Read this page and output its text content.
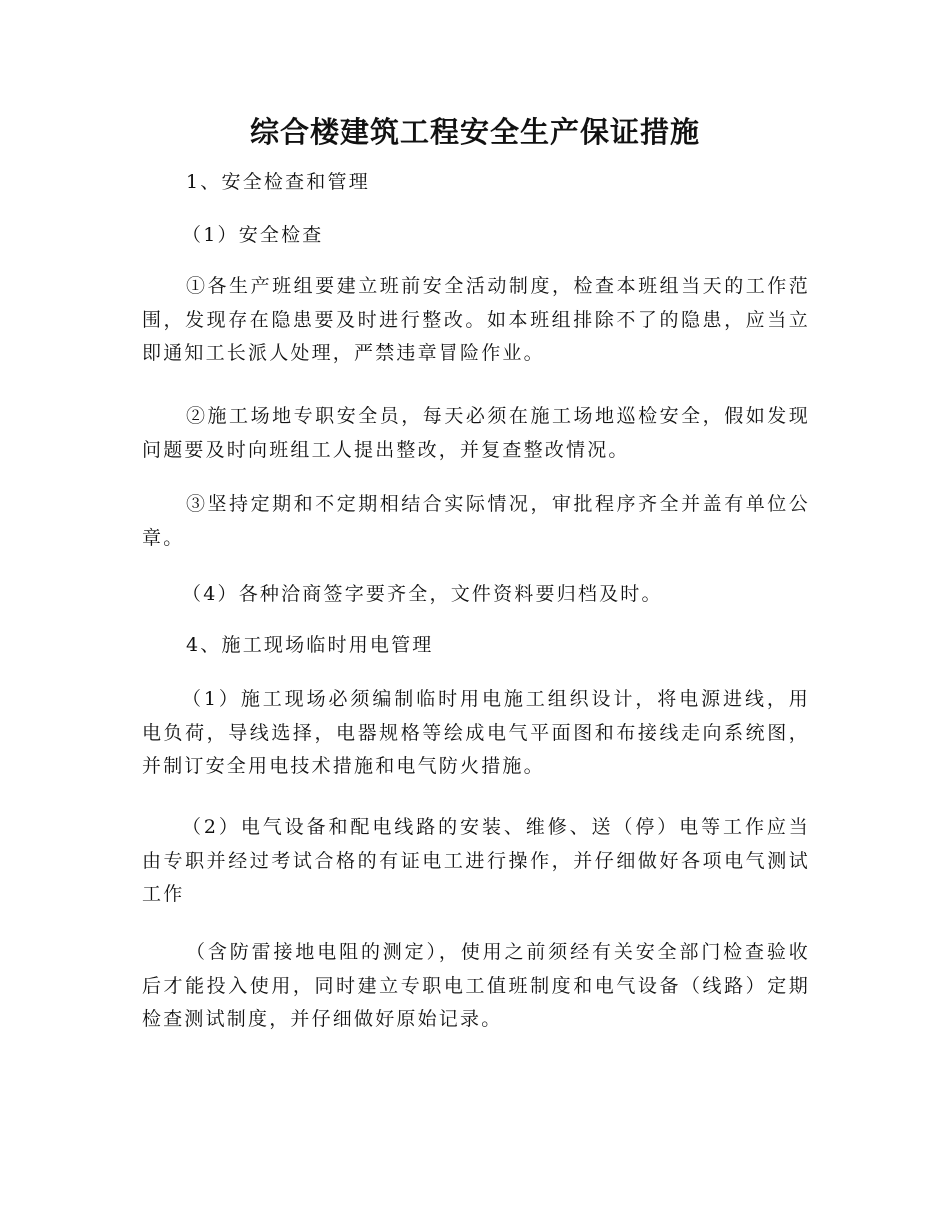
综合楼建筑工程安全生产保证措施

1、安全检查和管理

（1）安全检查

①各生产班组要建立班前安全活动制度，检查本班组当天的工作范围，发现存在隐患要及时进行整改。如本班组排除不了的隐患，应当立即通知工长派人处理，严禁违章冒险作业。

②施工场地专职安全员，每天必须在施工场地巡检安全，假如发现问题要及时向班组工人提出整改，并复查整改情况。

③坚持定期和不定期相结合实际情况，审批程序齐全并盖有单位公章。

（4）各种洽商签字要齐全，文件资料要归档及时。

4、施工现场临时用电管理

（1）施工现场必须编制临时用电施工组织设计，将电源进线，用电负荷，导线选择，电器规格等绘成电气平面图和布接线走向系统图，并制订安全用电技术措施和电气防火措施。

（2）电气设备和配电线路的安装、维修、送（停）电等工作应当由专职并经过考试合格的有证电工进行操作，并仔细做好各项电气测试工作

（含防雷接地电阻的测定），使用之前须经有关安全部门检查验收后才能投入使用，同时建立专职电工值班制度和电气设备（线路）定期检查测试制度，并仔细做好原始记录。
